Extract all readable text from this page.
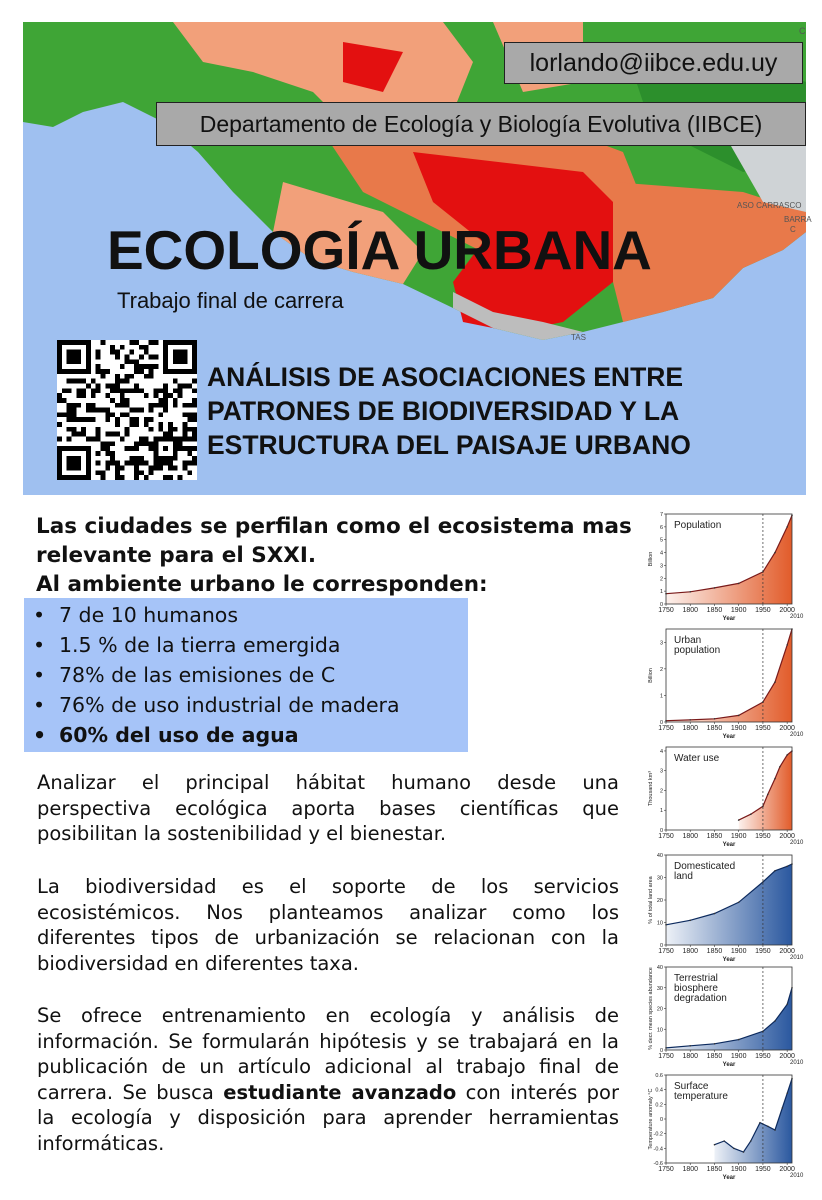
C
ASO CARRASCO
BARRA
C
TAS
lorlando@iibce.edu.uy
Departamento de Ecología y Biología Evolutiva (IIBCE)
ECOLOGÍA URBANA
Trabajo final de carrera
ANÁLISIS DE ASOCIACIONES ENTRE
PATRONES DE BIODIVERSIDAD Y LA
ESTRUCTURA DEL PAISAJE URBANO
Las ciudades se perfilan como el ecosistema mas
relevante para el SXXI.
Al ambiente urbano le corresponden:
• 7 de 10 humanos
• 1.5 % de la tierra emergida
• 78% de las emisiones de C
• 76% de uso industrial de madera
• 60% del uso de agua
Analizar el principal hábitat humano desde una perspectiva ecológica aporta bases científicas que posibilitan la sostenibilidad y el bienestar.
La biodiversidad es el soporte de los servicios ecosistémicos. Nos planteamos analizar como los diferentes tipos de urbanización se relacionan con la biodiversidad en diferentes taxa.
Se ofrece entrenamiento en ecología y análisis de información. Se formularán hipótesis y se trabajará en la publicación de un artículo adicional al trabajo final de carrera. Se busca estudiante avanzado con interés por la ecología y disposición para aprender herramientas informáticas.
1750 1800 1850 1900 1950 2000
2010
Year
0
1
2
3
4
5
6
7
Billion
Population
1750 1800 1850 1900 1950 2000
2010
Year
0
1
2
3
Billion
Urban
population
1750 1800 1850 1900 1950 2000
2010
Year
0
1
2
3
4
Thousand km³
Water use
1750 1800 1850 1900 1950 2000
2010
Year
0
10
20
30
40
% of total land area
Domesticated
land
1750 1800 1850 1900 1950 2000
2010
Year
0
10
20
30
40
% decr. mean species abundance Terrestrial
biosphere
degradation
1750 1800 1850 1900 1950 2000
2010
Year
-0.6
-0.4
-0.2
0
0.2
0.4
0.6
Temperature anomaly °C
Surface
temperature
